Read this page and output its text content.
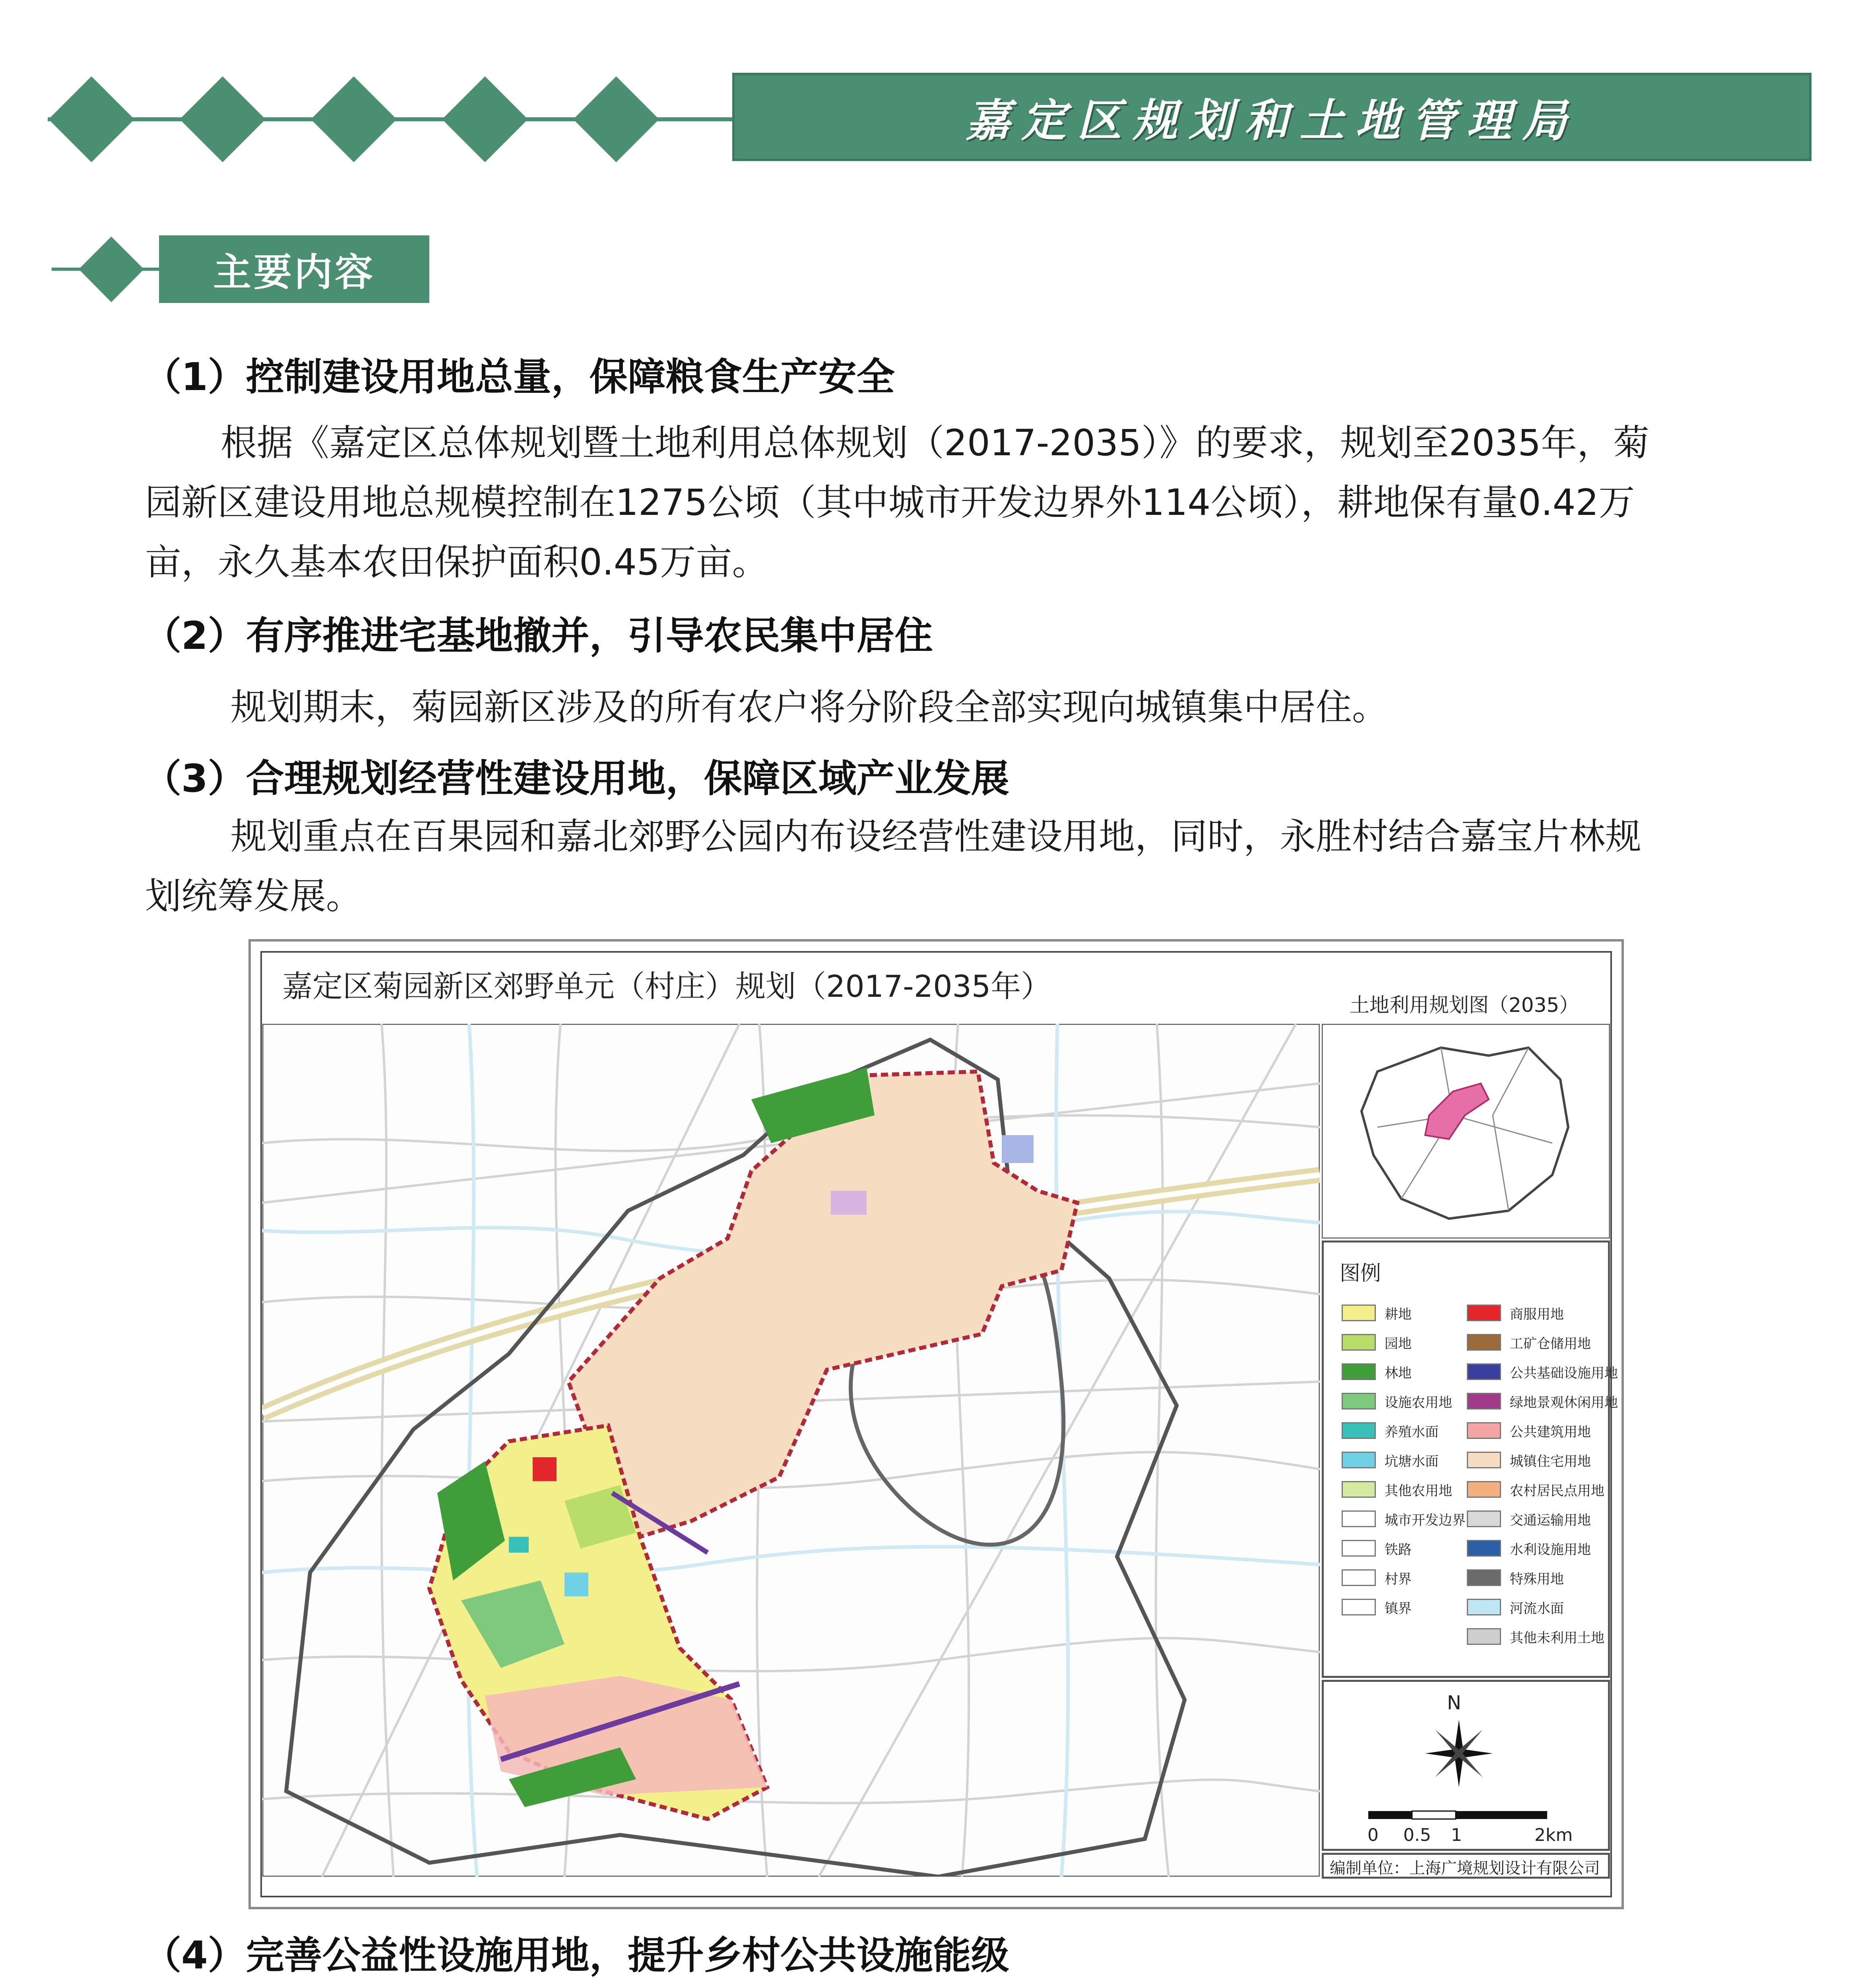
嘉定区规划和土地管理局
主要内容
（1）控制建设用地总量，保障粮食生产安全
根据《嘉定区总体规划暨土地利用总体规划（2017-2035）》的要求，规划至2035年，菊
园新区建设用地总规模控制在1275公顷（其中城市开发边界外114公顷），耕地保有量0.42万
亩，永久基本农田保护面积0.45万亩。
（2）有序推进宅基地撤并，引导农民集中居住
规划期末，菊园新区涉及的所有农户将分阶段全部实现向城镇集中居住。
（3）合理规划经营性建设用地，保障区域产业发展
规划重点在百果园和嘉北郊野公园内布设经营性建设用地，同时，永胜村结合嘉宝片林规
划统筹发展。
嘉定区菊园新区郊野单元（村庄）规划（2017-2035年）
土地利用规划图（2035）
图例
耕地
园地
林地
设施农用地
养殖水面
坑塘水面
其他农用地
城市开发边界
铁路
村界
镇界
商服用地
工矿仓储用地
公共基础设施用地
绿地景观休闲用地
公共建筑用地
城镇住宅用地
农村居民点用地
交通运输用地
水利设施用地
特殊用地
河流水面
其他未利用土地
N
0 0.5 1	2km
编制单位：上海广境规划设计有限公司
（4）完善公益性设施用地，提升乡村公共设施能级
